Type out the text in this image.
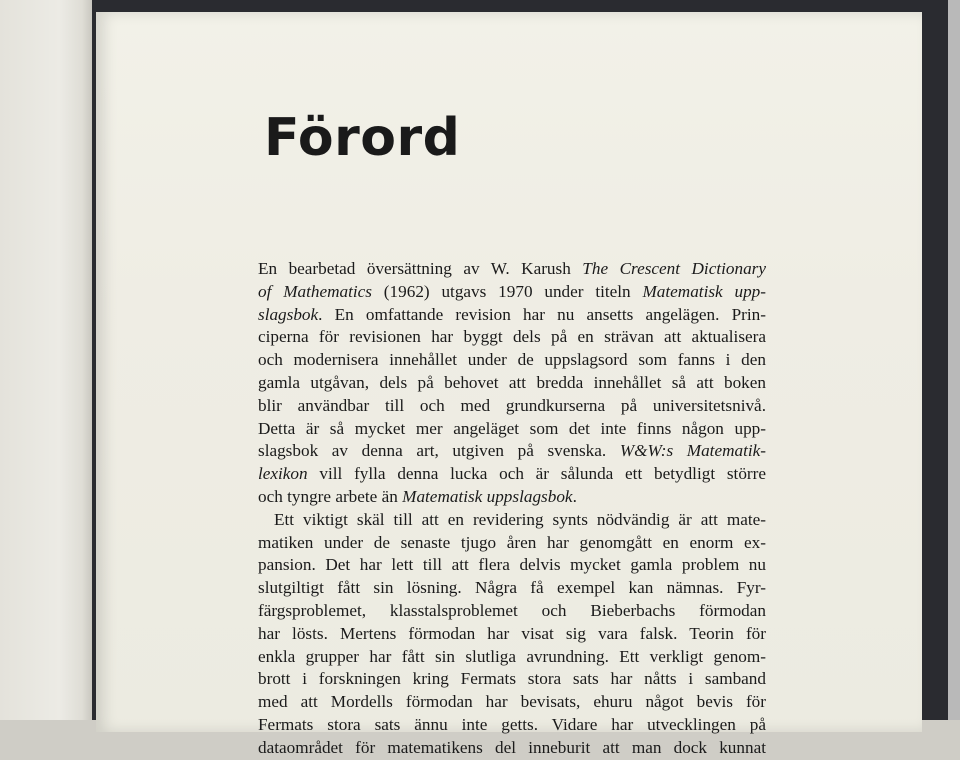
Förord
En bearbetad översättning av W. Karush The Crescent Dictionary
of Mathematics (1962) utgavs 1970 under titeln Matematisk upp-
slagsbok. En omfattande revision har nu ansetts angelägen. Prin-
ciperna för revisionen har byggt dels på en strävan att aktualisera
och modernisera innehållet under de uppslagsord som fanns i den
gamla utgåvan, dels på behovet att bredda innehållet så att boken
blir användbar till och med grundkurserna på universitetsnivå.
Detta är så mycket mer angeläget som det inte finns någon upp-
slagsbok av denna art, utgiven på svenska. W&W:s Matematik-
lexikon vill fylla denna lucka och är sålunda ett betydligt större
och tyngre arbete än Matematisk uppslagsbok.
Ett viktigt skäl till att en revidering synts nödvändig är att mate-
matiken under de senaste tjugo åren har genomgått en enorm ex-
pansion. Det har lett till att flera delvis mycket gamla problem nu
slutgiltigt fått sin lösning. Några få exempel kan nämnas. Fyr-
färgsproblemet, klasstalsproblemet och Bieberbachs förmodan
har lösts. Mertens förmodan har visat sig vara falsk. Teorin för
enkla grupper har fått sin slutliga avrundning. Ett verkligt genom-
brott i forskningen kring Fermats stora sats har nåtts i samband
med att Mordells förmodan har bevisats, ehuru något bevis för
Fermats stora sats ännu inte getts. Vidare har utvecklingen på
dataområdet för matematikens del inneburit att man dock kunnat
